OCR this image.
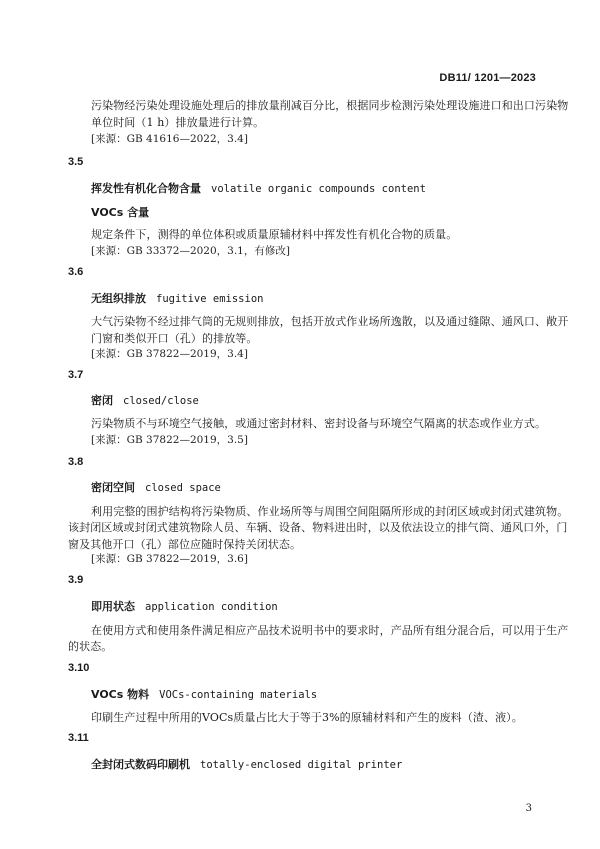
DB11/ 1201—2023
污染物经污染处理设施处理后的排放量削减百分比，根据同步检测污染处理设施进口和出口污染物
单位时间（1 h）排放量进行计算。
[来源：GB 41616—2022，3.4]
3.5
挥发性有机化合物含量 volatile organic compounds content
VOCs 含量
规定条件下，测得的单位体积或质量原辅材料中挥发性有机化合物的质量。
[来源：GB 33372—2020，3.1，有修改]
3.6
无组织排放 fugitive emission
大气污染物不经过排气筒的无规则排放，包括开放式作业场所逸散，以及通过缝隙、通风口、敞开
门窗和类似开口（孔）的排放等。
[来源：GB 37822—2019，3.4]
3.7
密闭 closed/close
污染物质不与环境空气接触，或通过密封材料、密封设备与环境空气隔离的状态或作业方式。
[来源：GB 37822—2019，3.5]
3.8
密闭空间 closed space
利用完整的围护结构将污染物质、作业场所等与周围空间阻隔所形成的封闭区域或封闭式建筑物。
该封闭区域或封闭式建筑物除人员、车辆、设备、物料进出时，以及依法设立的排气筒、通风口外，门
窗及其他开口（孔）部位应随时保持关闭状态。
[来源：GB 37822—2019，3.6]
3.9
即用状态 application condition
在使用方式和使用条件满足相应产品技术说明书中的要求时，产品所有组分混合后，可以用于生产
的状态。
3.10
VOCs 物料 VOCs-containing materials
印刷生产过程中所用的VOCs质量占比大于等于3%的原辅材料和产生的废料（渣、液）。
3.11
全封闭式数码印刷机 totally-enclosed digital printer
3
